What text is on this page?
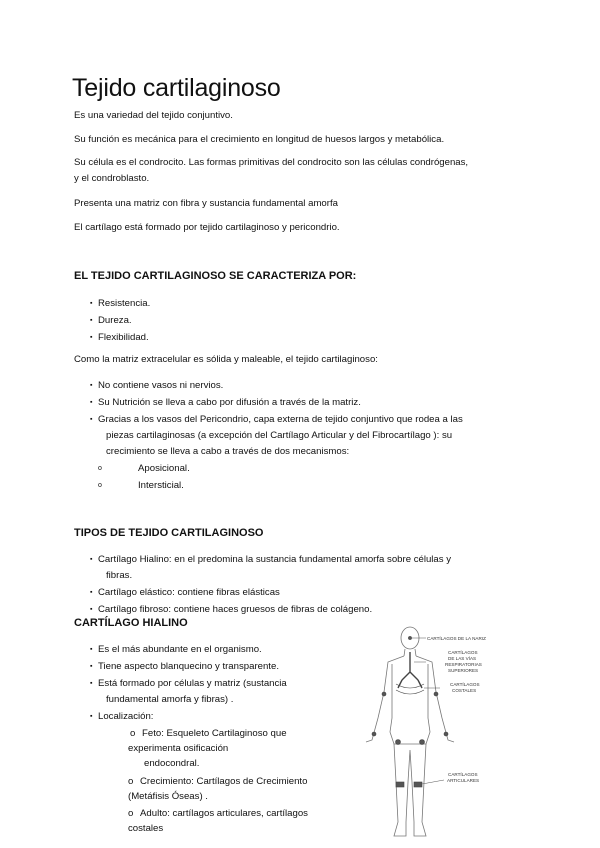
Tejido cartilaginoso

Es una variedad del tejido conjuntivo.

Su función es mecánica para el crecimiento en longitud de huesos largos y metabólica.

Su célula es el condrocito. Las formas primitivas del condrocito son las células condrógenas,

y el condroblasto.

Presenta una matriz con fibra y sustancia fundamental amorfa

El cartílago está formado por tejido cartilaginoso y pericondrio.

EL TEJIDO CARTILAGINOSO SE CARACTERIZA POR:
▪ Resistencia.
▪ Dureza.
▪ Flexibilidad.

Como la matriz extracelular es sólida y maleable, el tejido cartilaginoso:

▪ No contiene vasos ni nervios.
▪ Su Nutrición se lleva a cabo por difusión a través de la matriz.
▪ Gracias a los vasos del Pericondrio, capa externa de tejido conjuntivo que rodea a las
piezas cartilaginosas (a excepción del Cartílago Articular y del Fibrocartílago ): su
crecimiento se lleva a cabo a través de dos mecanismos:
o Aposicional.
o Intersticial.
TIPOS DE TEJIDO CARTILAGINOSO
▪ Cartílago Hialino: en el predomina la sustancia fundamental amorfa sobre células y
fibras.
▪ Cartílago elástico: contiene fibras elásticas
▪ Cartílago fibroso: contiene haces gruesos de fibras de colágeno.
CARTÍLAGO HIALINO
▪ Es el más abundante en el organismo.
▪ Tiene aspecto blanquecino y transparente.
▪ Está formado por células y matriz (sustancia
fundamental amorfa y fibras) .
▪ Localización:
o Feto: Esqueleto Cartilaginoso que
experimenta osificación
endocondral.
o Crecimiento: Cartílagos de Crecimiento
(Metáfisis Óseas) .
o Adulto: cartílagos articulares, cartílagos
costales
CARTÍLAGOS DE LA NARIZ
CARTÍLAGOS
DE LAS VÍAS
RESPIRATORIAS
SUPERIORES
CARTÍLAGOS
COSTALES
CARTÍLAGOS
ARTICULARES
